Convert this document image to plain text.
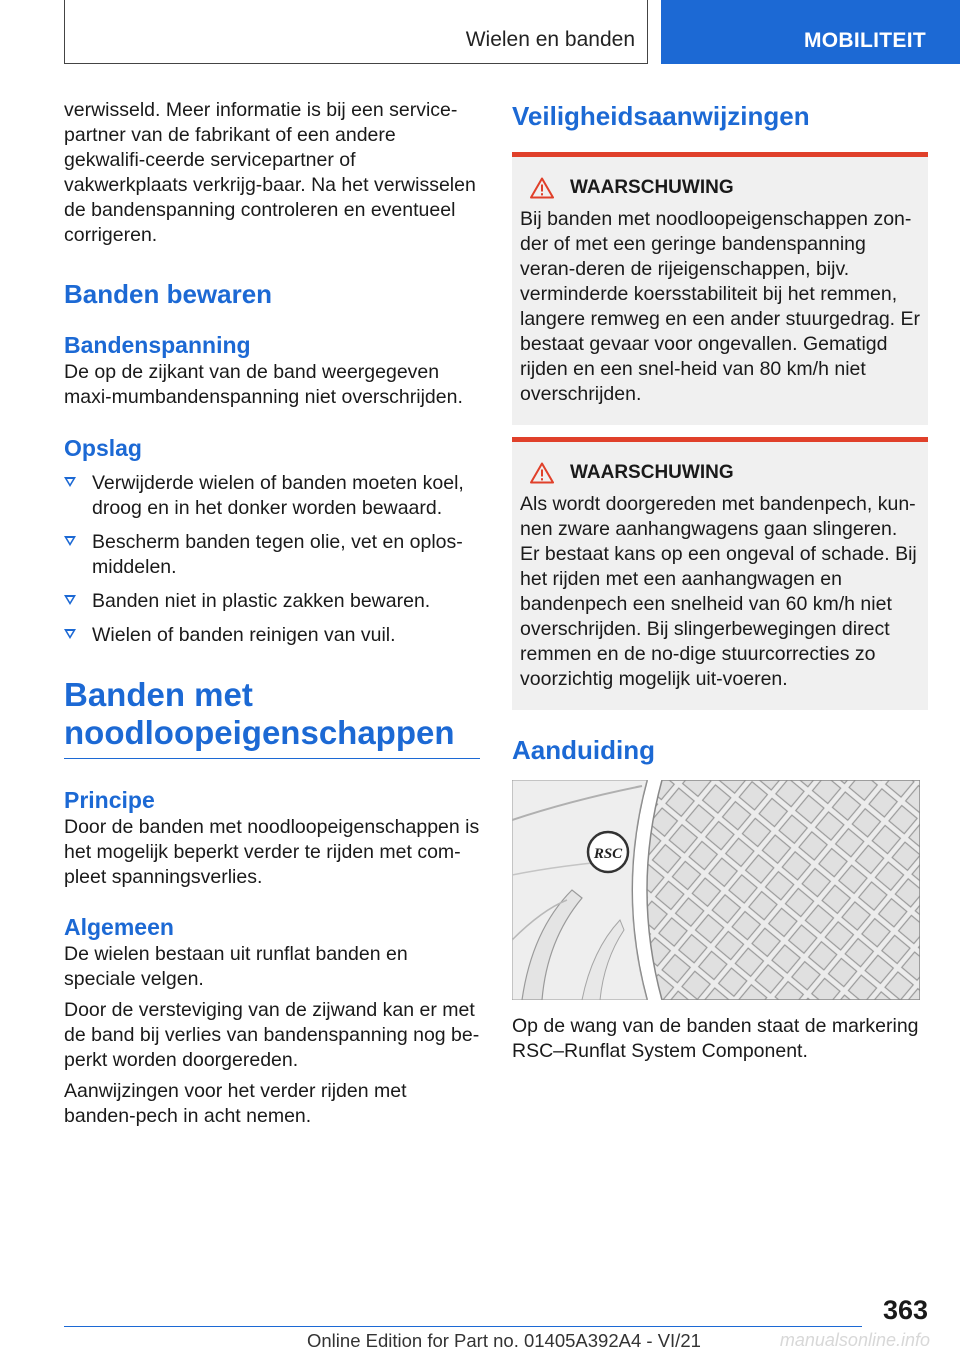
Wielen en banden	MOBILITEIT

verwisseld. Meer informatie is bij een service-partner van de fabrikant of een andere gekwalifi-ceerde servicepartner of vakwerkplaats verkrijg-baar. Na het verwisselen de bandenspanning controleren en eventueel corrigeren.

Banden bewaren
Bandenspanning

De op de zijkant van de band weergegeven maxi-mumbandenspanning niet overschrijden.

Opslag
Verwijderde wielen of banden moeten koel, droog en in het donker worden bewaard.
Bescherm banden tegen olie, vet en oplos-middelen.
Banden niet in plastic zakken bewaren.
Wielen of banden reinigen van vuil.
Banden met noodloopeigenschappen
Principe

Door de banden met noodloopeigenschappen is het mogelijk beperkt verder te rijden met com-pleet spanningsverlies.

Algemeen

De wielen bestaan uit runflat banden en speciale velgen.

Door de versteviging van de zijwand kan er met de band bij verlies van bandenspanning nog be-perkt worden doorgereden.

Aanwijzingen voor het verder rijden met banden-pech in acht nemen.

Veiligheidsaanwijzingen
WAARSCHUWING

Bij banden met noodloopeigenschappen zon-der of met een geringe bandenspanning veran-deren de rijeigenschappen, bijv. verminderde koersstabiliteit bij het remmen, langere remweg en een ander stuurgedrag. Er bestaat gevaar voor ongevallen. Gematigd rijden en een snel-heid van 80 km/h niet overschrijden.

WAARSCHUWING

Als wordt doorgereden met bandenpech, kun-nen zware aanhangwagens gaan slingeren. Er bestaat kans op een ongeval of schade. Bij het rijden met een aanhangwagen en bandenpech een snelheid van 60 km/h niet overschrijden. Bij slingerbewegingen direct remmen en de no-dige stuurcorrecties zo voorzichtig mogelijk uit-voeren.

Aanduiding
RSC

Op de wang van de banden staat de markering RSC–Runflat System Component.

363
Online Edition for Part no. 01405A392A4 - VI/21	manualsonline.info
